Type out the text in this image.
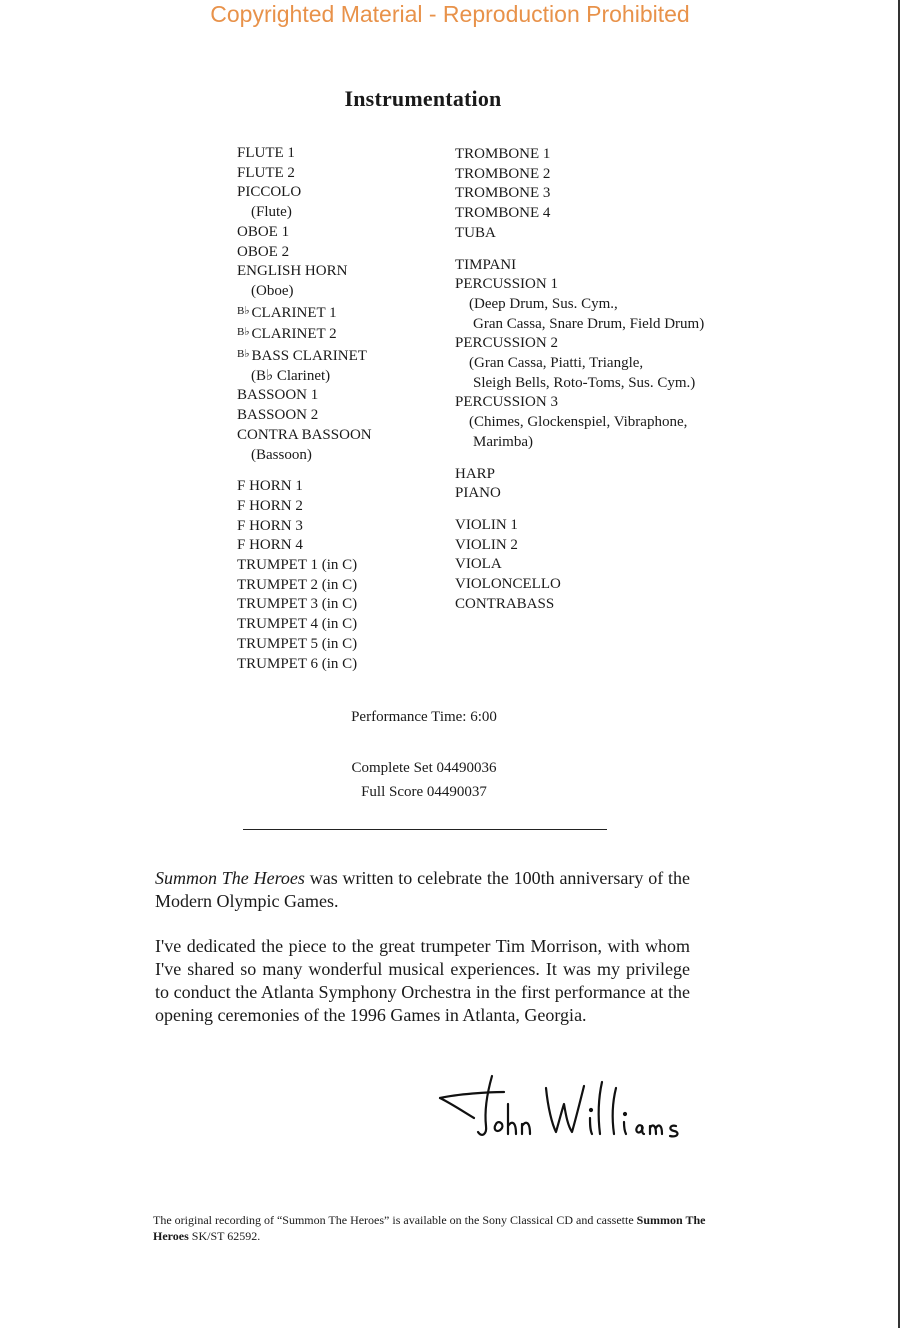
Copyrighted Material - Reproduction Prohibited
Instrumentation
FLUTE 1
FLUTE 2
PICCOLO
(Flute)
OBOE 1
OBOE 2
ENGLISH HORN
(Oboe)
$^{B♭}$ CLARINET 1
$^{B♭}$ CLARINET 2
$^{B♭}$ BASS CLARINET
(B♭ Clarinet)
BASSOON 1
BASSOON 2
CONTRA BASSOON
(Bassoon)
F HORN 1
F HORN 2
F HORN 3
F HORN 4
TRUMPET 1 (in C)
TRUMPET 2 (in C)
TRUMPET 3 (in C)
TRUMPET 4 (in C)
TRUMPET 5 (in C)
TRUMPET 6 (in C)
TROMBONE 1
TROMBONE 2
TROMBONE 3
TROMBONE 4
TUBA
TIMPANI
PERCUSSION 1
(Deep Drum, Sus. Cym.,
Gran Cassa, Snare Drum, Field Drum)
PERCUSSION 2
(Gran Cassa, Piatti, Triangle,
Sleigh Bells, Roto-Toms, Sus. Cym.)
PERCUSSION 3
(Chimes, Glockenspiel, Vibraphone,
Marimba)
HARP
PIANO
VIOLIN 1
VIOLIN 2
VIOLA
VIOLONCELLO
CONTRABASS
Performance Time: 6:00
Complete Set 04490036
Full Score 04490037
Summon The Heroes was written to celebrate the 100th anniversary of the Modern Olympic Games.
I've dedicated the piece to the great trumpeter Tim Morrison, with whom I've shared so many wonderful musical experiences. It was my privilege to conduct the Atlanta Symphony Orchestra in the first performance at the opening ceremonies of the 1996 Games in Atlanta, Georgia.
The original recording of “Summon The Heroes” is available on the Sony Classical CD and cassette Summon The Heroes SK/ST 62592.
